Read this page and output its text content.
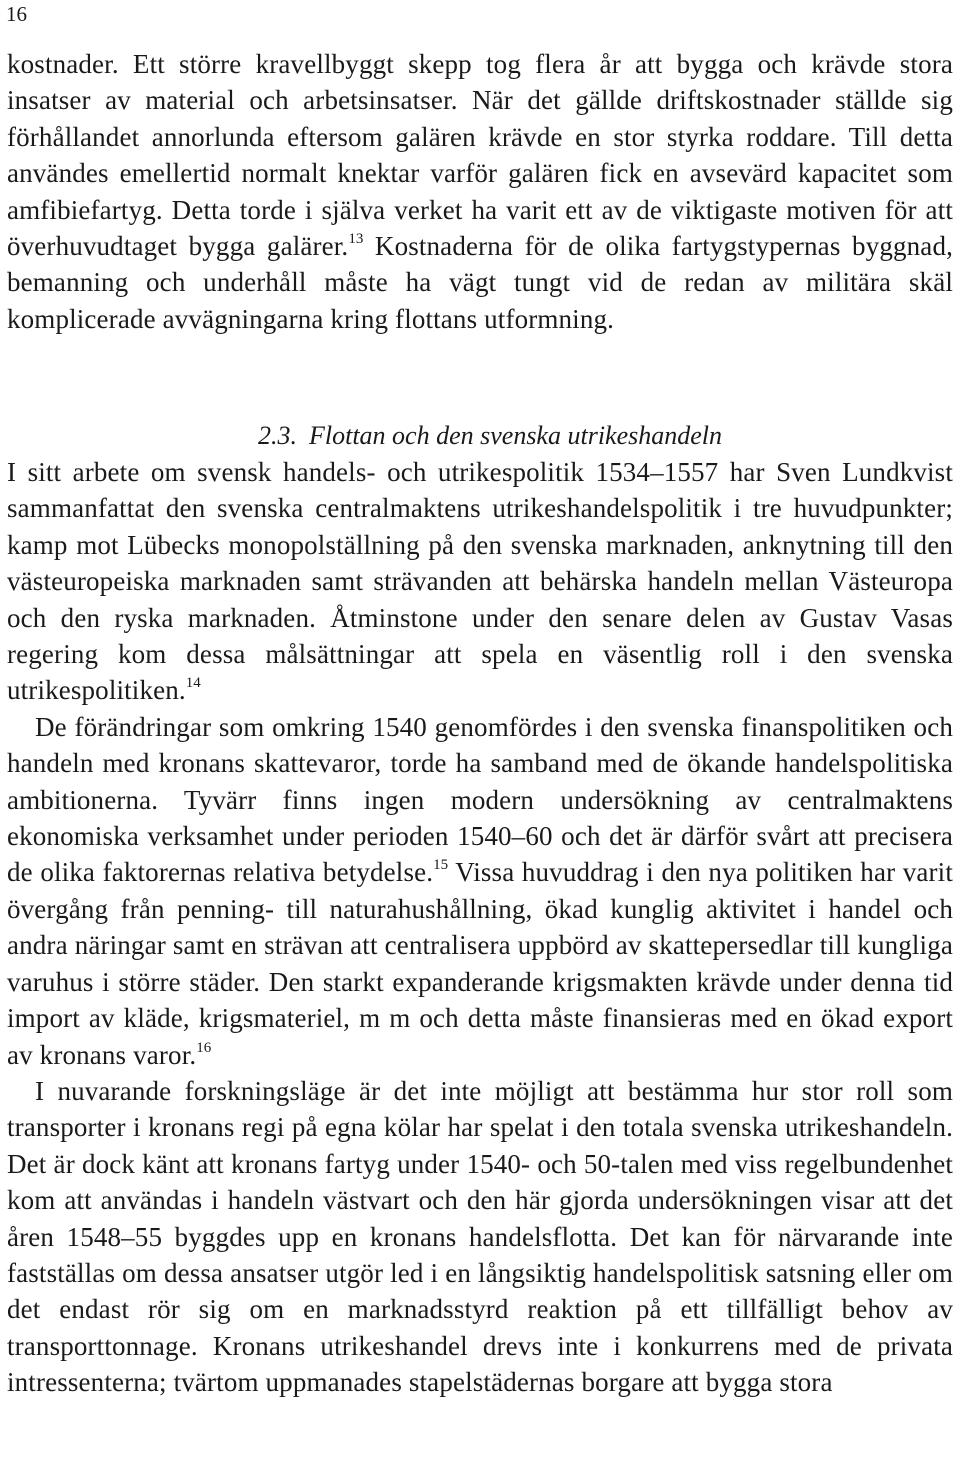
16

kostnader. Ett större kravellbyggt skepp tog flera år att bygga och krävde stora insatser av material och arbetsinsatser. När det gällde driftskostnader ställde sig förhållandet annorlunda eftersom galären krävde en stor styrka roddare. Till detta användes emellertid normalt knektar varför galären fick en avsevärd kapacitet som amfibiefartyg. Detta torde i själva verket ha varit ett av de viktigaste motiven för att överhuvudtaget bygga galärer.$^{13}$ Kostnaderna för de olika fartygstypernas byggnad, bemanning och underhåll måste ha vägt tungt vid de redan av militära skäl komplicerade avvägningarna kring flottans utformning.

2.3. Flottan och den svenska utrikeshandeln

I sitt arbete om svensk handels- och utrikespolitik 1534–1557 har Sven Lundkvist sammanfattat den svenska centralmaktens utrikeshandelspolitik i tre huvudpunkter; kamp mot Lübecks monopolställning på den svenska marknaden, anknytning till den västeuropeiska marknaden samt strävanden att behärska handeln mellan Västeuropa och den ryska marknaden. Åtminstone under den senare delen av Gustav Vasas regering kom dessa målsättningar att spela en väsentlig roll i den svenska utrikespolitiken.$^{14}$

De förändringar som omkring 1540 genomfördes i den svenska finanspolitiken och handeln med kronans skattevaror, torde ha samband med de ökande handelspolitiska ambitionerna. Tyvärr finns ingen modern undersökning av centralmaktens ekonomiska verksamhet under perioden 1540–60 och det är därför svårt att precisera de olika faktorernas relativa betydelse.$^{15}$ Vissa huvuddrag i den nya politiken har varit övergång från penning- till naturahushållning, ökad kunglig aktivitet i handel och andra näringar samt en strävan att centralisera uppbörd av skattepersedlar till kungliga varuhus i större städer. Den starkt expanderande krigsmakten krävde under denna tid import av kläde, krigsmateriel, m m och detta måste finansieras med en ökad export av kronans varor.$^{16}$

I nuvarande forskningsläge är det inte möjligt att bestämma hur stor roll som transporter i kronans regi på egna kölar har spelat i den totala svenska utrikeshandeln. Det är dock känt att kronans fartyg under 1540- och 50-talen med viss regelbundenhet kom att användas i handeln västvart och den här gjorda undersökningen visar att det åren 1548–55 byggdes upp en kronans handelsflotta. Det kan för närvarande inte fastställas om dessa ansatser utgör led i en långsiktig handelspolitisk satsning eller om det endast rör sig om en marknadsstyrd reaktion på ett tillfälligt behov av transporttonnage. Kronans utrikeshandel drevs inte i konkurrens med de privata intressenterna; tvärtom uppmanades stapelstädernas borgare att bygga stora
